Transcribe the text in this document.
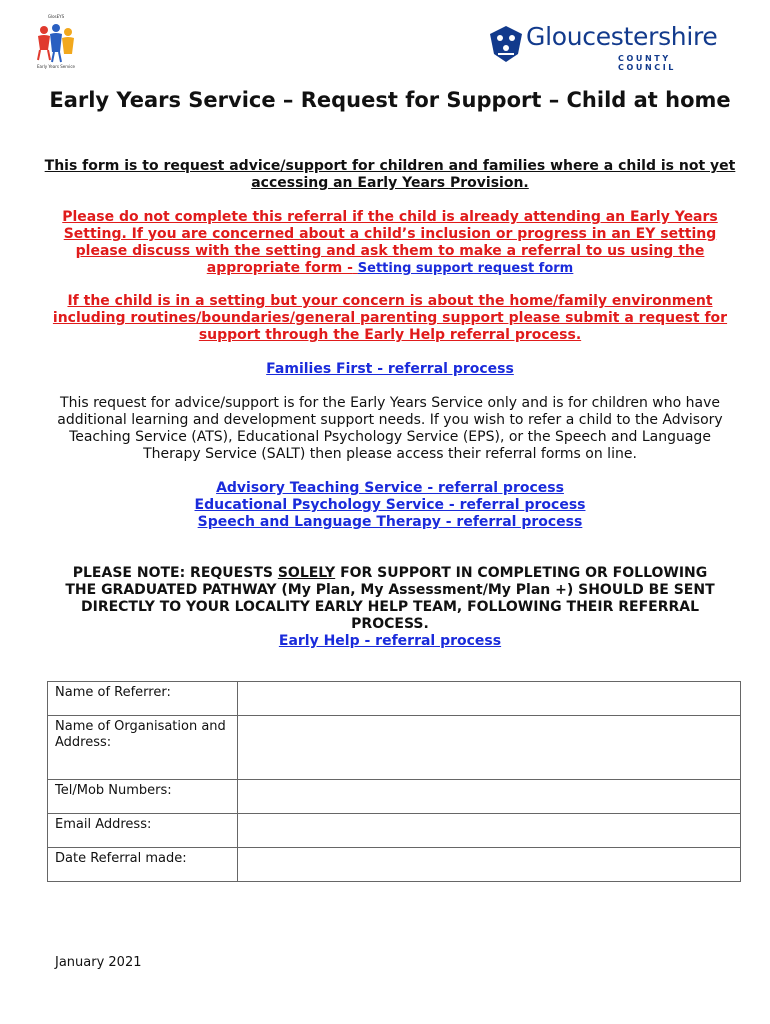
GlosEYS
Early Years Service
Gloucestershire
COUNTY COUNCIL
Early Years Service – Request for Support – Child at home
This form is to request advice/support for children and families where a child is not yet accessing an Early Years Provision.
Please do not complete this referral if the child is already attending an Early Years Setting. If you are concerned about a child’s inclusion or progress in an EY setting please discuss with the setting and ask them to make a referral to us using the appropriate form - Setting support request form
If the child is in a setting but your concern is about the home/family environment including routines/boundaries/general parenting support please submit a request for support through the Early Help referral process.
Families First - referral process
This request for advice/support is for the Early Years Service only and is for children who have additional learning and development support needs. If you wish to refer a child to the Advisory Teaching Service (ATS), Educational Psychology Service (EPS), or the Speech and Language Therapy Service (SALT) then please access their referral forms on line.
Advisory Teaching Service - referral process
Educational Psychology Service - referral process
Speech and Language Therapy - referral process
PLEASE NOTE: REQUESTS SOLELY FOR SUPPORT IN COMPLETING OR FOLLOWING THE GRADUATED PATHWAY (My Plan, My Assessment/My Plan +) SHOULD BE SENT DIRECTLY TO YOUR LOCALITY EARLY HELP TEAM, FOLLOWING THEIR REFERRAL PROCESS.
Early Help - referral process
Name of Referrer:	
Name of Organisation and Address:	
Tel/Mob Numbers:	
Email Address:	
Date Referral made:	
January 2021
